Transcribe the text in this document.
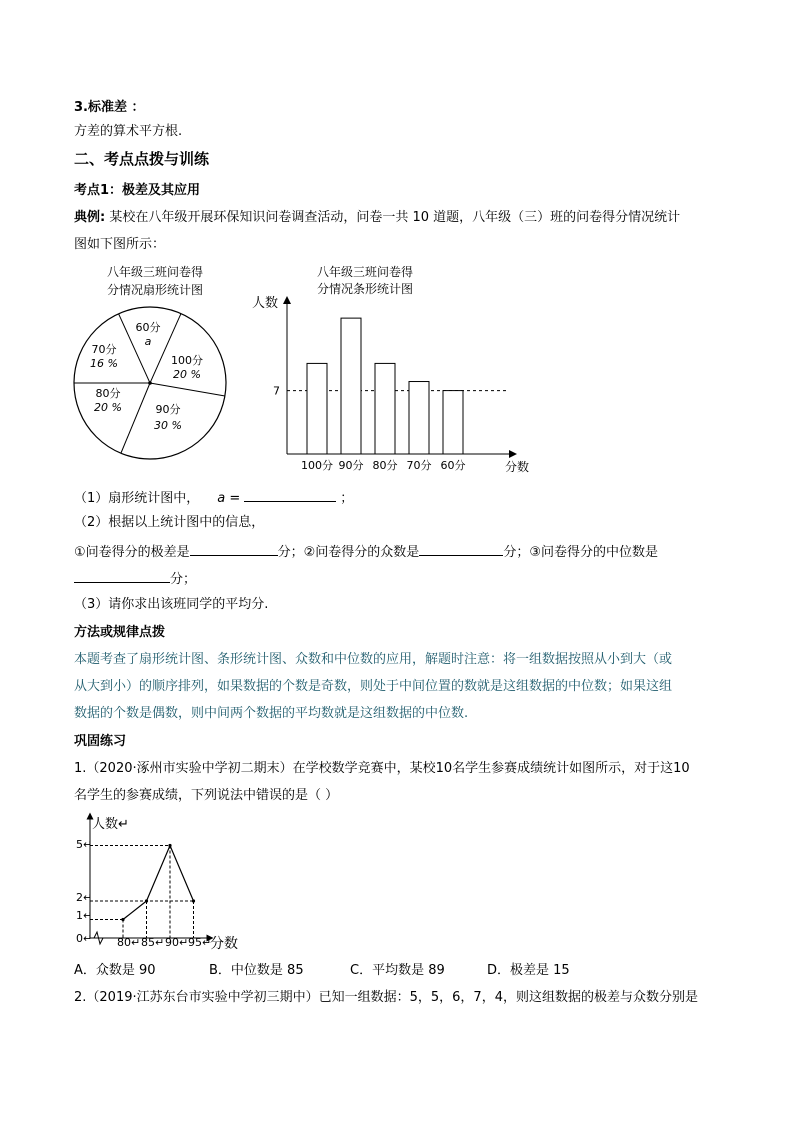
3.标准差 ：
方差的算术平方根.
二、考点点拨与训练
考点1：极差及其应用
典例: 某校在八年级开展环保知识问卷调查活动，问卷一共 10 道题，八年级（三）班的问卷得分情况统计
图如下图所示：
八年级三班问卷得
分情况扇形统计图
60分
a
100分
20 %
90分
30 %
80分
20 %
70分
16 %
八年级三班问卷得
分情况条形统计图
人数
分数
7
100分 90分 80分 70分 60分
（1）扇形统计图中， a =	；
（2）根据以上统计图中的信息，
①问卷得分的极差是	分；②问卷得分的众数是	分；③问卷得分的中位数是
分；
（3）请你求出该班同学的平均分.
方法或规律点拨
本题考查了扇形统计图、条形统计图、众数和中位数的应用，解题时注意：将一组数据按照从小到大（或
从大到小）的顺序排列，如果数据的个数是奇数，则处于中间位置的数就是这组数据的中位数；如果这组
数据的个数是偶数，则中间两个数据的平均数就是这组数据的中位数.
巩固练习
1.（2020·涿州市实验中学初二期末）在学校数学竞赛中，某校10名学生参赛成绩统计如图所示，对于这10
名学生的参赛成绩，下列说法中错误的是（ ）
人数↵
分数
5↵
2↵
1↵
0↵ 80↵ 85↵ 90↵ 95↵
A．众数是 90	B．中位数是 85	C．平均数是 89	D．极差是 15
2.（2019·江苏东台市实验中学初三期中）已知一组数据：5，5，6，7，4，则这组数据的极差与众数分别是
